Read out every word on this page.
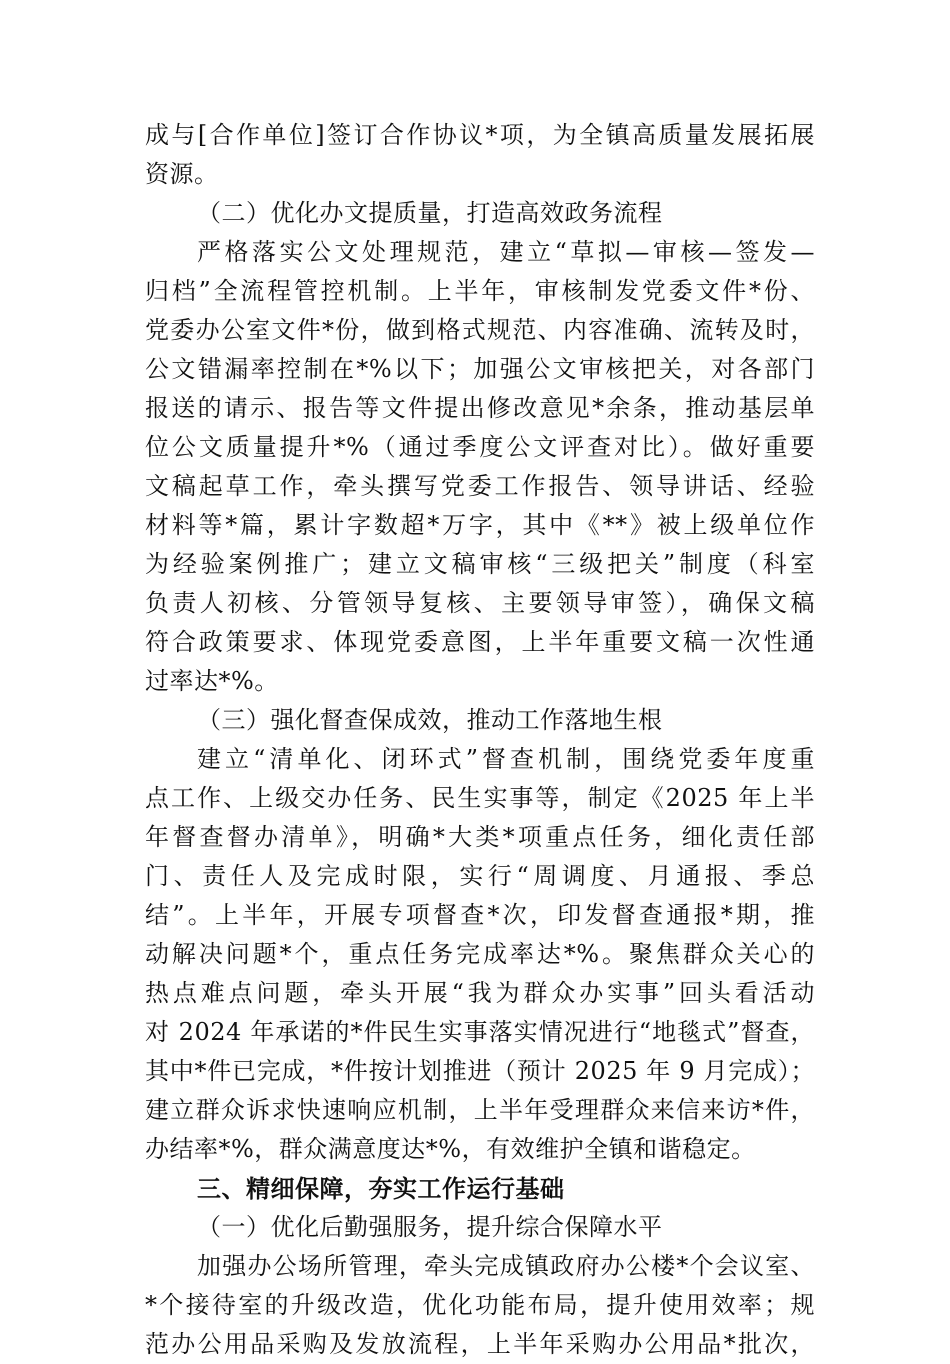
成与[合作单位]签订合作协议*项，为全镇高质量发展拓展
资源。
（二）优化办文提质量，打造高效政务流程
严格落实公文处理规范，建立“草拟—审核—签发—
归档”全流程管控机制。上半年，审核制发党委文件*份、
党委办公室文件*份，做到格式规范、内容准确、流转及时，
公文错漏率控制在*%以下；加强公文审核把关，对各部门
报送的请示、报告等文件提出修改意见*余条，推动基层单
位公文质量提升*%（通过季度公文评查对比）。做好重要
文稿起草工作，牵头撰写党委工作报告、领导讲话、经验
材料等*篇，累计字数超*万字，其中《**》被上级单位作
为经验案例推广；建立文稿审核“三级把关”制度（科室
负责人初核、分管领导复核、主要领导审签），确保文稿
符合政策要求、体现党委意图，上半年重要文稿一次性通
过率达*%。
（三）强化督查保成效，推动工作落地生根
建立“清单化、闭环式”督查机制，围绕党委年度重
点工作、上级交办任务、民生实事等，制定《2025 年上半
年督查督办清单》，明确*大类*项重点任务，细化责任部
门、责任人及完成时限，实行“周调度、月通报、季总
结”。上半年，开展专项督查*次，印发督查通报*期，推
动解决问题*个，重点任务完成率达*%。聚焦群众关心的
热点难点问题，牵头开展“我为群众办实事”回头看活动
对 2024 年承诺的*件民生实事落实情况进行“地毯式”督查，
其中*件已完成，*件按计划推进（预计 2025 年 9 月完成）；
建立群众诉求快速响应机制，上半年受理群众来信来访*件，
办结率*%，群众满意度达*%，有效维护全镇和谐稳定。
三、精细保障，夯实工作运行基础
（一）优化后勤强服务，提升综合保障水平
加强办公场所管理，牵头完成镇政府办公楼*个会议室、
*个接待室的升级改造，优化功能布局，提升使用效率；规
范办公用品采购及发放流程，上半年采购办公用品*批次，
